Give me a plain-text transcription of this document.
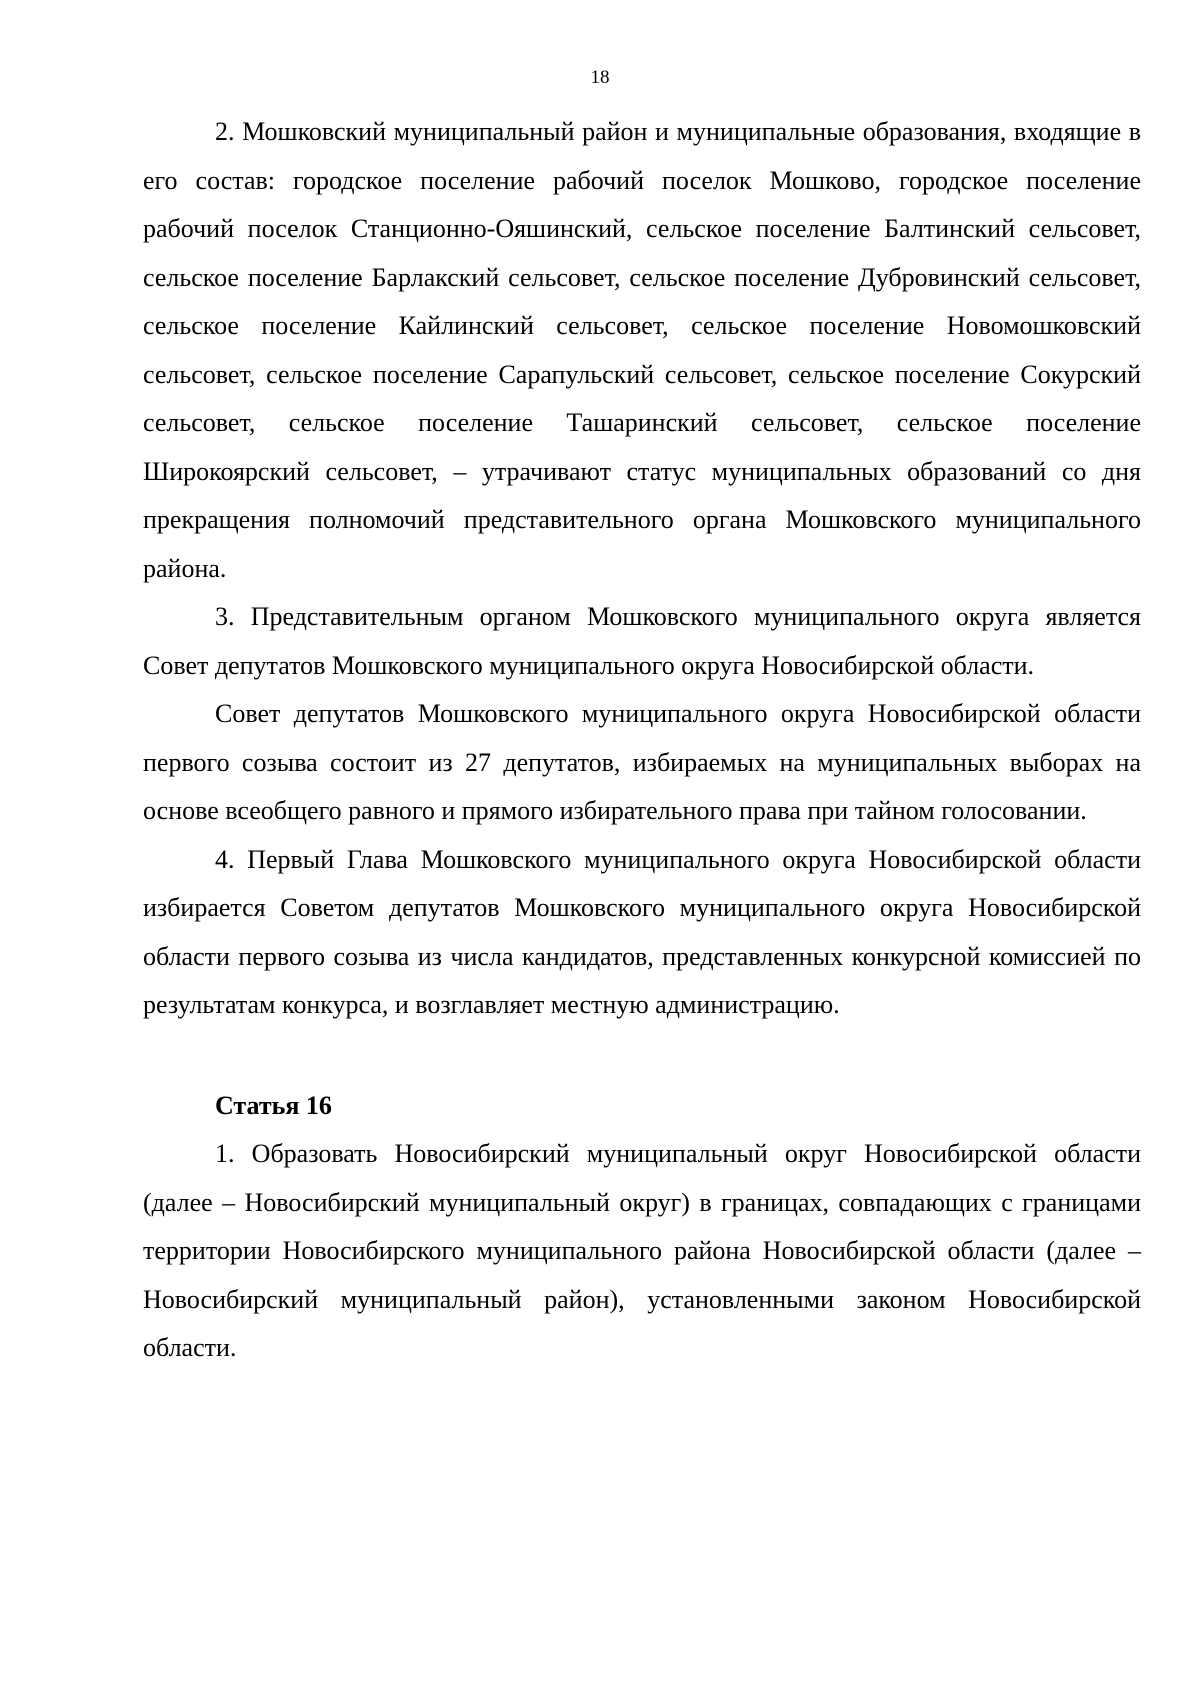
18

2. Мошковский муниципальный район и муниципальные образования, входящие в его состав: городское поселение рабочий поселок Мошково, городское поселение рабочий поселок Станционно-Ояшинский, сельское поселение Балтинский сельсовет, сельское поселение Барлакский сельсовет, сельское поселение Дубровинский сельсовет, сельское поселение Кайлинский сельсовет, сельское поселение Новомошковский сельсовет, сельское поселение Сарапульский сельсовет, сельское поселение Сокурский сельсовет, сельское поселение Ташаринский сельсовет, сельское поселение Широкоярский сельсовет, – утрачивают статус муниципальных образований со дня прекращения полномочий представительного органа Мошковского муниципального района.

3. Представительным органом Мошковского муниципального округа является Совет депутатов Мошковского муниципального округа Новосибирской области.

Совет депутатов Мошковского муниципального округа Новосибирской области первого созыва состоит из 27 депутатов, избираемых на муниципальных выборах на основе всеобщего равного и прямого избирательного права при тайном голосовании.

4. Первый Глава Мошковского муниципального округа Новосибирской области избирается Советом депутатов Мошковского муниципального округа Новосибирской области первого созыва из числа кандидатов, представленных конкурсной комиссией по результатам конкурса, и возглавляет местную администрацию.

Статья 16

1. Образовать Новосибирский муниципальный округ Новосибирской области (далее – Новосибирский муниципальный округ) в границах, совпадающих с границами территории Новосибирского муниципального района Новосибирской области (далее – Новосибирский муниципальный район), установленными законом Новосибирской области.
